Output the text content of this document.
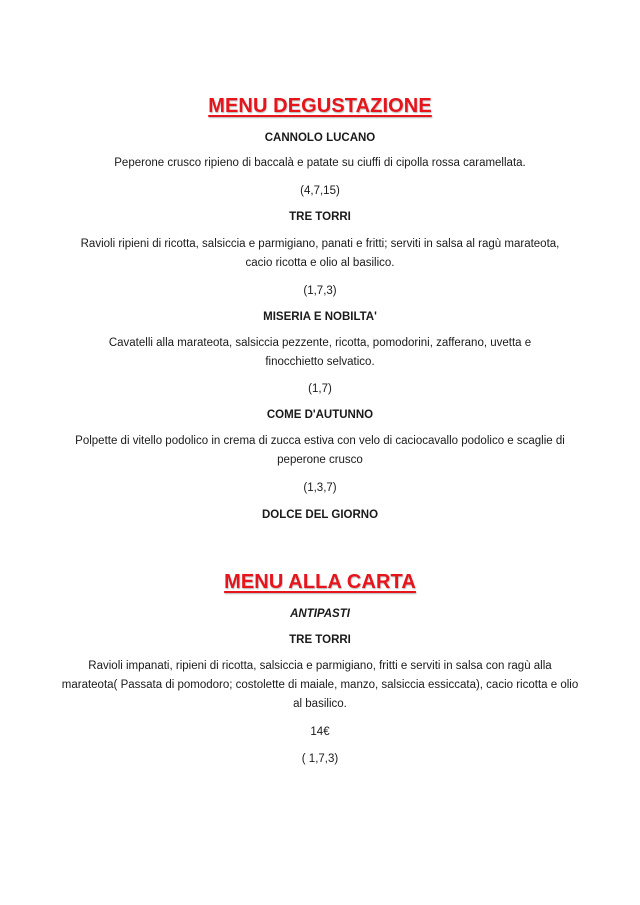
MENU DEGUSTAZIONE
CANNOLO LUCANO
Peperone crusco ripieno di baccalà e patate su ciuffi di cipolla rossa caramellata.
(4,7,15)
TRE TORRI
Ravioli ripieni di ricotta, salsiccia e parmigiano, panati e fritti; serviti in salsa al ragù marateota, cacio ricotta e olio al basilico.
(1,7,3)
MISERIA E NOBILTA'
Cavatelli alla marateota, salsiccia pezzente, ricotta, pomodorini, zafferano, uvetta e finocchietto selvatico.
(1,7)
COME D'AUTUNNO
Polpette di vitello podolico in crema di zucca estiva con velo di caciocavallo podolico e scaglie di peperone crusco
(1,3,7)
DOLCE DEL GIORNO
MENU ALLA CARTA
ANTIPASTI
TRE TORRI
Ravioli impanati, ripieni di ricotta, salsiccia e parmigiano, fritti e serviti in salsa con ragù alla marateota( Passata di pomodoro; costolette di maiale, manzo, salsiccia essiccata), cacio ricotta e olio al basilico.
14€
( 1,7,3)
